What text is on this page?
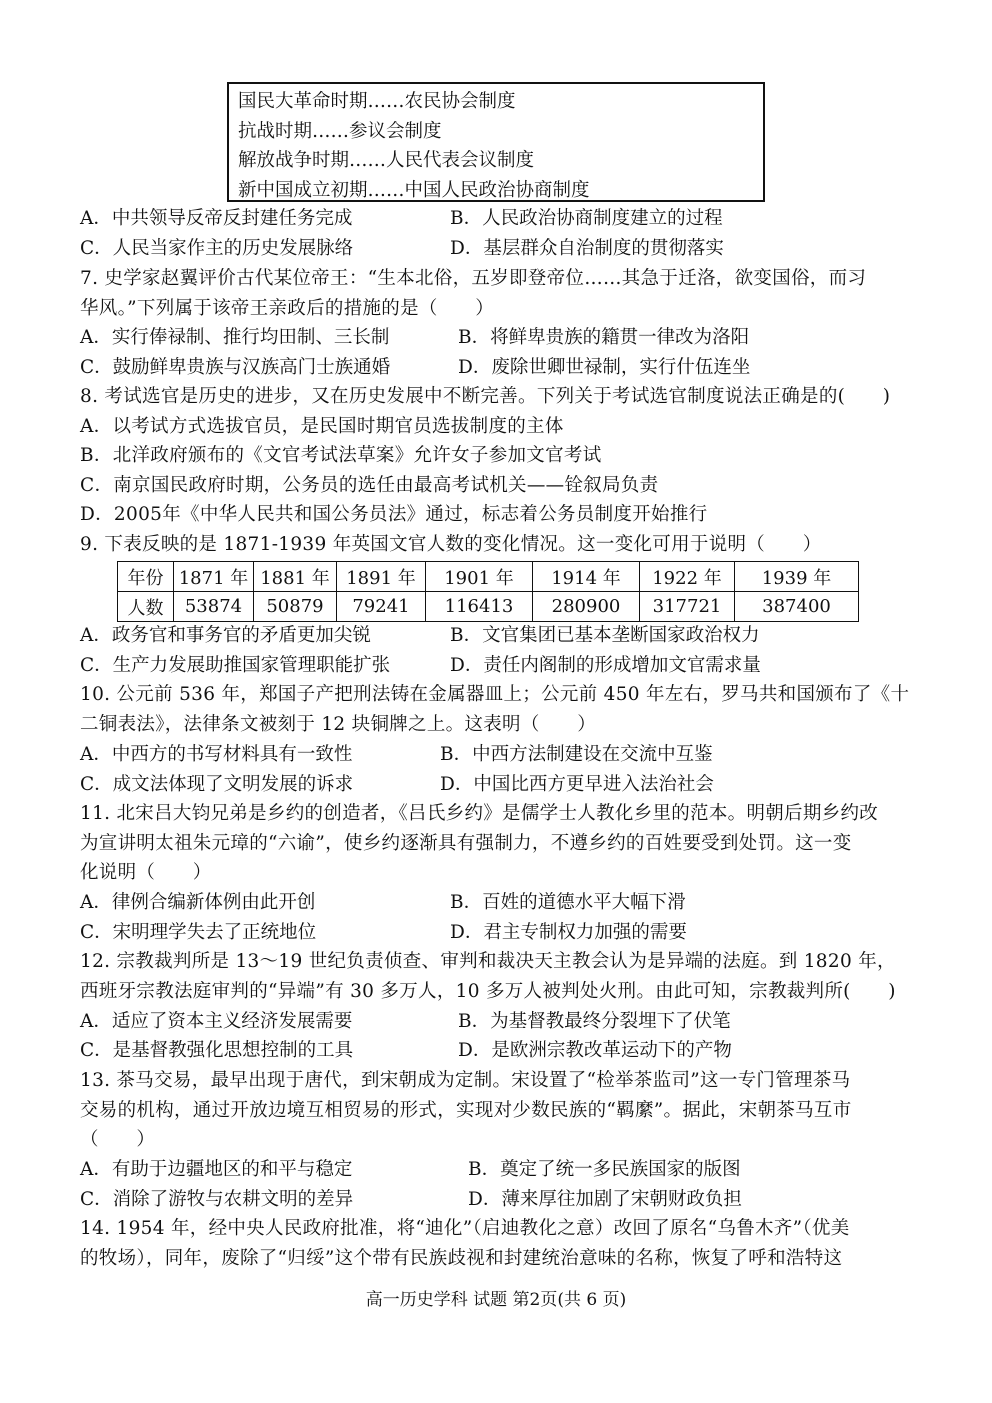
国民大革命时期……农民协会制度
抗战时期……参议会制度
解放战争时期……人民代表会议制度
新中国成立初期……中国人民政治协商制度
A．中共领导反帝反封建任务完成	B．人民政治协商制度建立的过程
C．人民当家作主的历史发展脉络	D．基层群众自治制度的贯彻落实
7. 史学家赵翼评价古代某位帝王：“生本北俗，五岁即登帝位……其急于迁洛，欲变国俗，而习
华风。”下列属于该帝王亲政后的措施的是（　　）
A．实行俸禄制、推行均田制、三长制	B．将鲜卑贵族的籍贯一律改为洛阳
C．鼓励鲜卑贵族与汉族高门士族通婚	D．废除世卿世禄制，实行什伍连坐
8. 考试选官是历史的进步，又在历史发展中不断完善。下列关于考试选官制度说法正确是的(　　)
A．以考试方式选拔官员，是民国时期官员选拔制度的主体
B．北洋政府颁布的《文官考试法草案》允许女子参加文官考试
C．南京国民政府时期，公务员的选任由最高考试机关——铨叙局负责
D．2005年《中华人民共和国公务员法》通过，标志着公务员制度开始推行
9. 下表反映的是 1871-1939 年英国文官人数的变化情况。这一变化可用于说明（　　）
年份	1871 年	1881 年	1891 年	1901 年	1914 年	1922 年	1939 年
人数	53874	50879	79241	116413	280900	317721	387400
A．政务官和事务官的矛盾更加尖锐	B．文官集团已基本垄断国家政治权力
C．生产力发展助推国家管理职能扩张	D．责任内阁制的形成增加文官需求量
10. 公元前 536 年，郑国子产把刑法铸在金属器皿上；公元前 450 年左右，罗马共和国颁布了《十
二铜表法》，法律条文被刻于 12 块铜牌之上。这表明（　　）
A．中西方的书写材料具有一致性	B．中西方法制建设在交流中互鉴
C．成文法体现了文明发展的诉求	D．中国比西方更早进入法治社会
11. 北宋吕大钧兄弟是乡约的创造者，《吕氏乡约》是儒学士人教化乡里的范本。明朝后期乡约改
为宣讲明太祖朱元璋的“六谕”，使乡约逐渐具有强制力，不遵乡约的百姓要受到处罚。这一变
化说明（　　）
A．律例合编新体例由此开创	B．百姓的道德水平大幅下滑
C．宋明理学失去了正统地位	D．君主专制权力加强的需要
12. 宗教裁判所是 13～19 世纪负责侦查、审判和裁决天主教会认为是异端的法庭。到 1820 年，
西班牙宗教法庭审判的“异端”有 30 多万人，10 多万人被判处火刑。由此可知，宗教裁判所(　　)
A．适应了资本主义经济发展需要	B．为基督教最终分裂埋下了伏笔
C．是基督教强化思想控制的工具	D．是欧洲宗教改革运动下的产物
13. 茶马交易，最早出现于唐代，到宋朝成为定制。宋设置了“检举茶监司”这一专门管理茶马
交易的机构，通过开放边境互相贸易的形式，实现对少数民族的“羁縻”。据此，宋朝茶马互市
（　　）
A．有助于边疆地区的和平与稳定	B．奠定了统一多民族国家的版图
C．消除了游牧与农耕文明的差异	D．薄来厚往加剧了宋朝财政负担
14. 1954 年，经中央人民政府批准，将“迪化”（启迪教化之意）改回了原名“乌鲁木齐”（优美
的牧场），同年，废除了“归绥”这个带有民族歧视和封建统治意味的名称，恢复了呼和浩特这
高一历史学科 试题 第2页(共 6 页)
